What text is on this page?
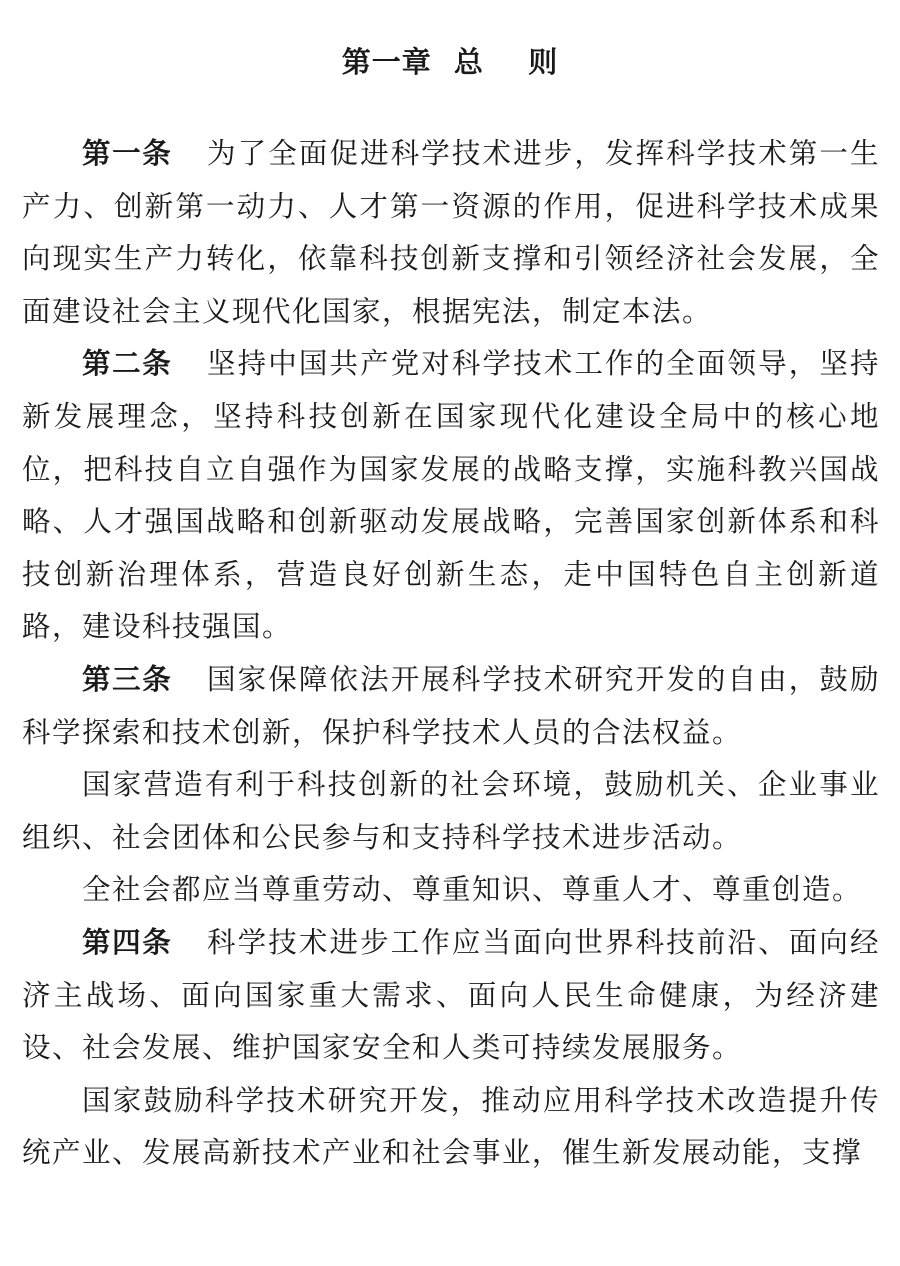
第一章  总    则

第一条 为了全面促进科学技术进步，发挥科学技术第一生产力、创新第一动力、人才第一资源的作用，促进科学技术成果向现实生产力转化，依靠科技创新支撑和引领经济社会发展，全面建设社会主义现代化国家，根据宪法，制定本法。

第二条 坚持中国共产党对科学技术工作的全面领导，坚持新发展理念，坚持科技创新在国家现代化建设全局中的核心地位，把科技自立自强作为国家发展的战略支撑，实施科教兴国战略、人才强国战略和创新驱动发展战略，完善国家创新体系和科技创新治理体系，营造良好创新生态，走中国特色自主创新道路，建设科技强国。

第三条 国家保障依法开展科学技术研究开发的自由，鼓励科学探索和技术创新，保护科学技术人员的合法权益。

国家营造有利于科技创新的社会环境，鼓励机关、企业事业组织、社会团体和公民参与和支持科学技术进步活动。

全社会都应当尊重劳动、尊重知识、尊重人才、尊重创造。

第四条 科学技术进步工作应当面向世界科技前沿、面向经济主战场、面向国家重大需求、面向人民生命健康，为经济建设、社会发展、维护国家安全和人类可持续发展服务。

国家鼓励科学技术研究开发，推动应用科学技术改造提升传统产业、发展高新技术产业和社会事业，催生新发展动能，支撑
